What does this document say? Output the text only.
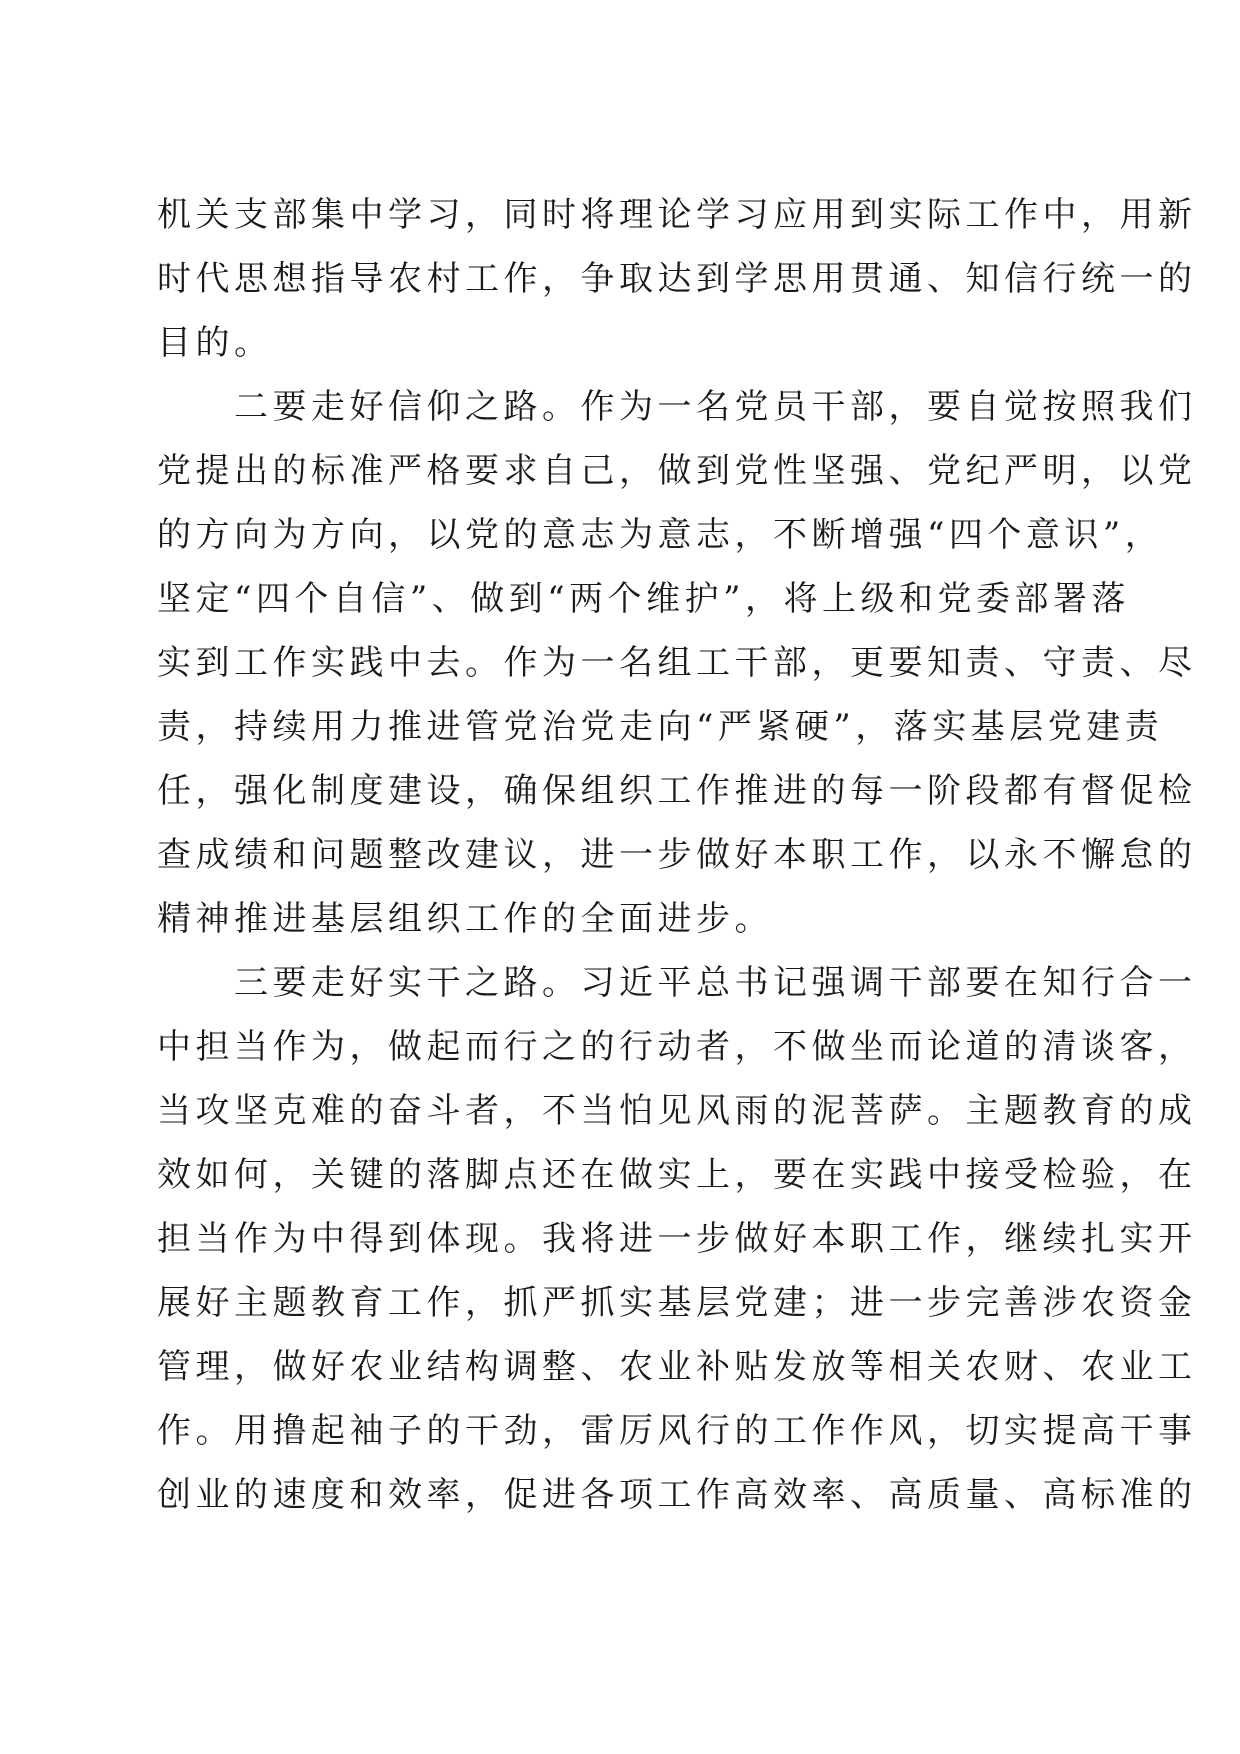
机关支部集中学习，同时将理论学习应用到实际工作中，用新
时代思想指导农村工作，争取达到学思用贯通、知信行统一的
目的。
　　二要走好信仰之路。作为一名党员干部，要自觉按照我们
党提出的标准严格要求自己，做到党性坚强、党纪严明，以党
的方向为方向，以党的意志为意志，不断增强“四个意识”，
坚定“四个自信”、做到“两个维护”，将上级和党委部署落
实到工作实践中去。作为一名组工干部，更要知责、守责、尽
责，持续用力推进管党治党走向“严紧硬”，落实基层党建责
任，强化制度建设，确保组织工作推进的每一阶段都有督促检
查成绩和问题整改建议，进一步做好本职工作，以永不懈怠的
精神推进基层组织工作的全面进步。
　　三要走好实干之路。习近平总书记强调干部要在知行合一
中担当作为，做起而行之的行动者，不做坐而论道的清谈客，
当攻坚克难的奋斗者，不当怕见风雨的泥菩萨。主题教育的成
效如何，关键的落脚点还在做实上，要在实践中接受检验，在
担当作为中得到体现。我将进一步做好本职工作，继续扎实开
展好主题教育工作，抓严抓实基层党建；进一步完善涉农资金
管理，做好农业结构调整、农业补贴发放等相关农财、农业工
作。用撸起袖子的干劲，雷厉风行的工作作风，切实提高干事
创业的速度和效率，促进各项工作高效率、高质量、高标准的
